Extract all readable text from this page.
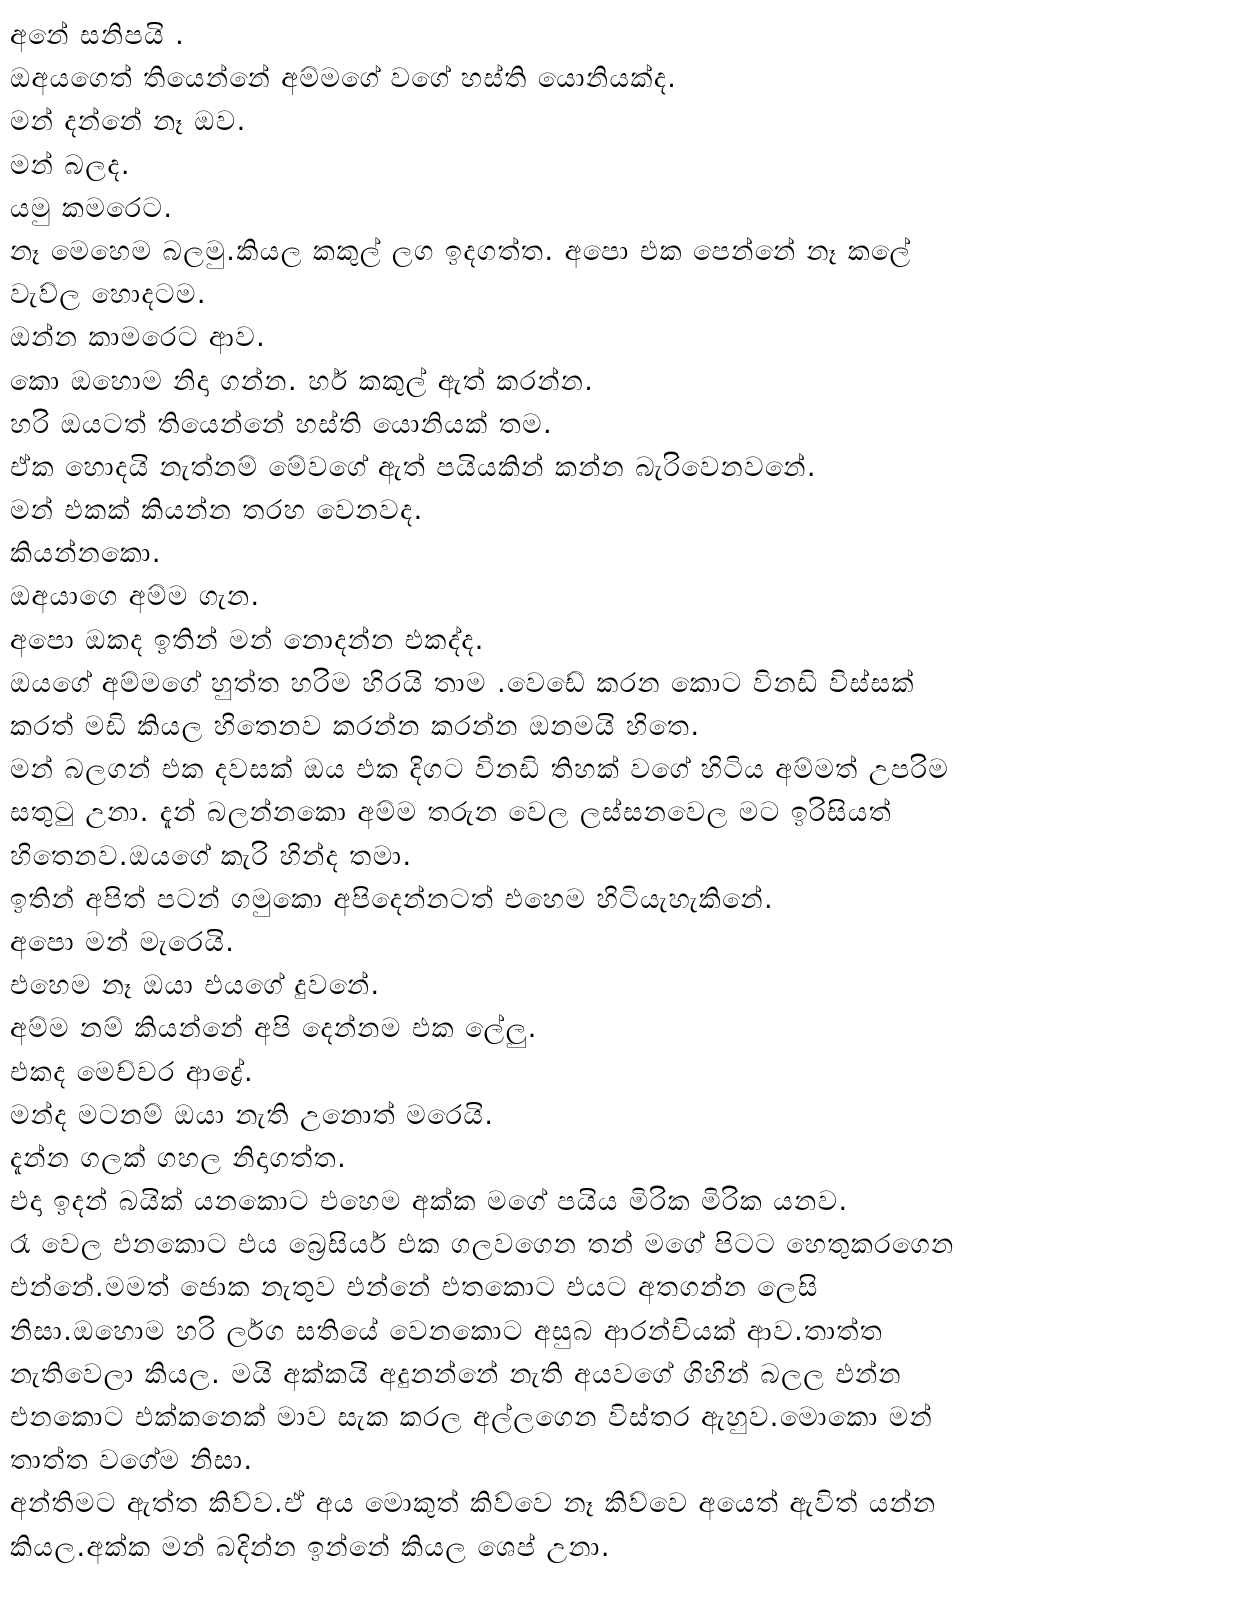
අනේ සනිපයි .
ඔඅයගෙත් තියෙන්නේ අම්මගේ වගේ හස්ති යොනියක්ද.
මන් දන්නේ නෑ ඔව.
මන් බලද.
යමු කමරෙට.
නෑ මෙහෙම බලමු.කියල කකුල් ලග ඉදගත්ත. අපො එක පෙන්නේ නෑ කලේ
වැව්ල හොදටම.
ඔන්න කාමරෙට ආව.
කො ඔහොම නිදා ගන්න. හර් කකුල් ඇත් කරන්න.
හරි ඔයටත් තියෙන්නේ හස්ති යොනියක් තම.
ඒක හොදයි නැත්නම් මේවගේ ඇත් පයියකින් කන්න බැරිවෙනවනේ.
මන් එකක් කියන්න තරහ වෙනවද.
කියන්නකො.
ඔඅයාගෙ අම්ම ගැන.
අපො ඔකද ඉතින් මන් නොදන්න එකද්ද.
ඔයගේ අම්මගේ හුත්ත හරිම හිරයි තාම .වෙඩේ කරන කොට විනඩි විස්සක්
කරත් මඩි කියල හිතෙනව කරන්න කරන්න ඔනමයි හිතෙ.
මන් බලගන් එක දවසක් ඔය එක දිගට විනඩි තිහක් වගේ හිටිය අම්මත් උපරිම
සතුටු උනා. දැන් බලන්නකො අම්ම තරුන වෙල ලස්සනවෙල මට ඉරිසියත්
හිතෙනව.ඔයගේ කැරි හින්ද තමා.
ඉතින් අපිත් පටන් ගමුකො අපිදෙන්නටත් එහෙම හිටියැහැකිනේ.
අපො මන් මැරෙයි.
එහෙම නෑ ඔයා එයගේ දුවනේ.
අම්ම නම් කියන්නේ අපි දෙන්නම එක ලේලු.
එකද මෙච්චර ආද්‍රේ.
මන්ද මටනම් ඔයා නැති උනොත් මරෙයි.
දැන්න ගලක් ගහල නිදාගත්ත.
එදා ඉදන් බයික් යනකොට එහෙම අක්ක මගේ පයිය මිරික මිරික යනව.
රෑ වෙල එනකොට එය බ්‍රෙසියර් එක ගලවගෙන තන් මගේ පිටට හෙතුකරගෙන
එන්නේ.මමත් ජොක නැතුව එන්නේ එතකොට එයට අතගන්න ලෙසි
නිසා.ඔහොම හරි ර්ලග සතියේ වෙනකොට අසුබ ආරන්චියක් ආව.තාත්ත
නැතිවෙලා කියල. මයි අක්කයි අදුනන්නේ නැති අයවගේ ගිහින් බලල එන්න
එනකොට එක්කනෙක් මාව සැක කරල අල්ලගෙන විස්තර ඇහුව.මොකො මන්
තාත්ත වගේම නිසා.
අන්තිමට ඇත්ත කිව්ව.ඒ අය මොකුත් කිව්වෙ නෑ කිව්වෙ අයෙත් ඇවිත් යන්න
කියල.අක්ක මන් බදින්න ඉන්නේ කියල ශෙප් උනා.
